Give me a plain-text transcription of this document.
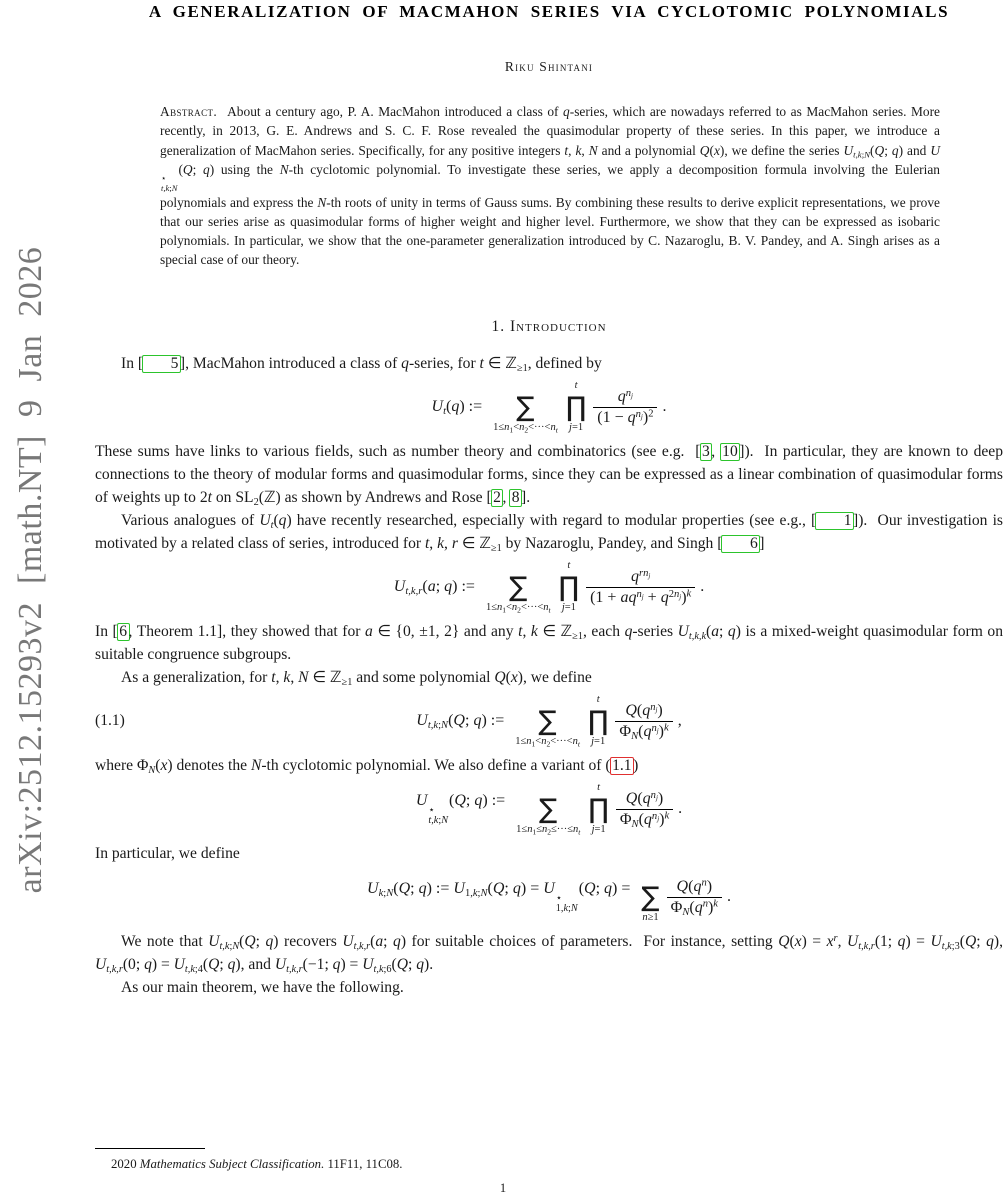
arXiv:2512.15293v2 [math.NT] 9 Jan 2026
A GENERALIZATION OF MACMAHON SERIES VIA CYCLOTOMIC POLYNOMIALS
Riku Shintani
Abstract. About a century ago, P. A. MacMahon introduced a class of q-series, which are nowadays referred to as MacMahon series. More recently, in 2013, G. E. Andrews and S. C. F. Rose revealed the quasimodular property of these series. In this paper, we introduce a generalization of MacMahon series. Specifically, for any positive integers t, k, N and a polynomial Q(x), we define the series $U_{t,k;N}(Q$; q) and U
⋆
t,k;N
(Q; q) using the N-th cyclotomic polynomial. To investigate these series, we apply a decomposition formula involving the Eulerian polynomials and express the N-th roots of unity in terms of Gauss sums. By combining these results to derive explicit representations, we prove that our series arise as quasimodular forms of higher weight and higher level. Furthermore, we show that they can be expressed as isobaric polynomials. In particular, we show that the one-parameter generalization introduced by C. Nazaroglu, B. V. Pandey, and A. Singh arises as a special case of our theory.
1. Introduction

In [ 5], MacMahon introduced a class of q-series, for t ∈ ℤ$_{\ge 1}$, defined by

$U_t(q)$ :=
∑
$1\le n_1<n_2<\cdot\cdot\cdot<n_t$
t
∏
j=1
$\frac{q^{n_j}}{(1 - q^{n_j})^2}$ .

These sums have links to various fields, such as number theory and combinatorics (see e.g.  [3, 10]).  In particular, they are known to deep connections to the theory of modular forms and quasimodular forms, since they can be expressed as a linear combination of quasimodular forms of weights up to 2t on $SL_2(ℤ)$ as shown by Andrews and Rose [2, 8].

Various analogues of $U_t(q)$ have recently researched, especially with regard to modular properties (see e.g., [ 1]).  Our investigation is motivated by a related class of series, introduced for t, k, r ∈ ℤ$_{\ge 1}$ by Nazaroglu, Pandey, and Singh [ 6]

$U_{t,k,r}(a$; q) :=
∑
$1\le n_1<n_2<\cdot\cdot\cdot<n_t$
t
∏
j=1
$\frac{q^{rn_j}}{(1 + aq^{n_j} + q^{2n_j})^k}$ .

In [6, Theorem 1.1], they showed that for a ∈ {0, ±1, 2} and any t, k ∈ ℤ$_{\ge 1}$, each q-series $U_{t,k,k}(a$; q) is a mixed-weight quasimodular form on suitable congruence subgroups.

As a generalization, for t, k, N ∈ ℤ$_{\ge 1}$ and some polynomial Q(x), we define

(1.1)	$U_{t,k;N}(Q$; q) :=
∑
$1\le n_1<n_2<\cdot\cdot\cdot<n_t$
t
∏
j=1
$\frac{Q(q^{n_j})}{\Phi_N(q^{n_j})^k}$ ,

where $\Phi_N(x)$ denotes the N-th cyclotomic polynomial. We also define a variant of (1.1)

U
⋆
t,k;N
(Q; q) :=
∑
$1\le n_1\le n_2\le\cdot\cdot\cdot\le n_t$
t
∏
j=1
$\frac{Q(q^{n_j})}{\Phi_N(q^{n_j})^k}$ .

In particular, we define

$U_{k;N}(Q$; q) := $U_{1,k;N}(Q$; q) = U
⋆
1,k;N
(Q; q) =
∑
n≥1
$\frac{Q(q^n)}{\Phi_N(q^n)^k}$ .

We note that $U_{t,k;N}(Q$; q) recovers $U_{t,k,r}(a$; q) for suitable choices of parameters.  For instance, setting $Q(x) = x^r$, $U_{t,k,r}(1$; $q) = U_{t,k;3}(Q$; q), $U_{t,k,r}(0$; $q) = U_{t,k;4}(Q$; q), and $U_{t,k,r}(-1$; $q) = U_{t,k;6}(Q$; q).

As our main theorem, we have the following.

2020 Mathematics Subject Classification. 11F11, 11C08.
1
